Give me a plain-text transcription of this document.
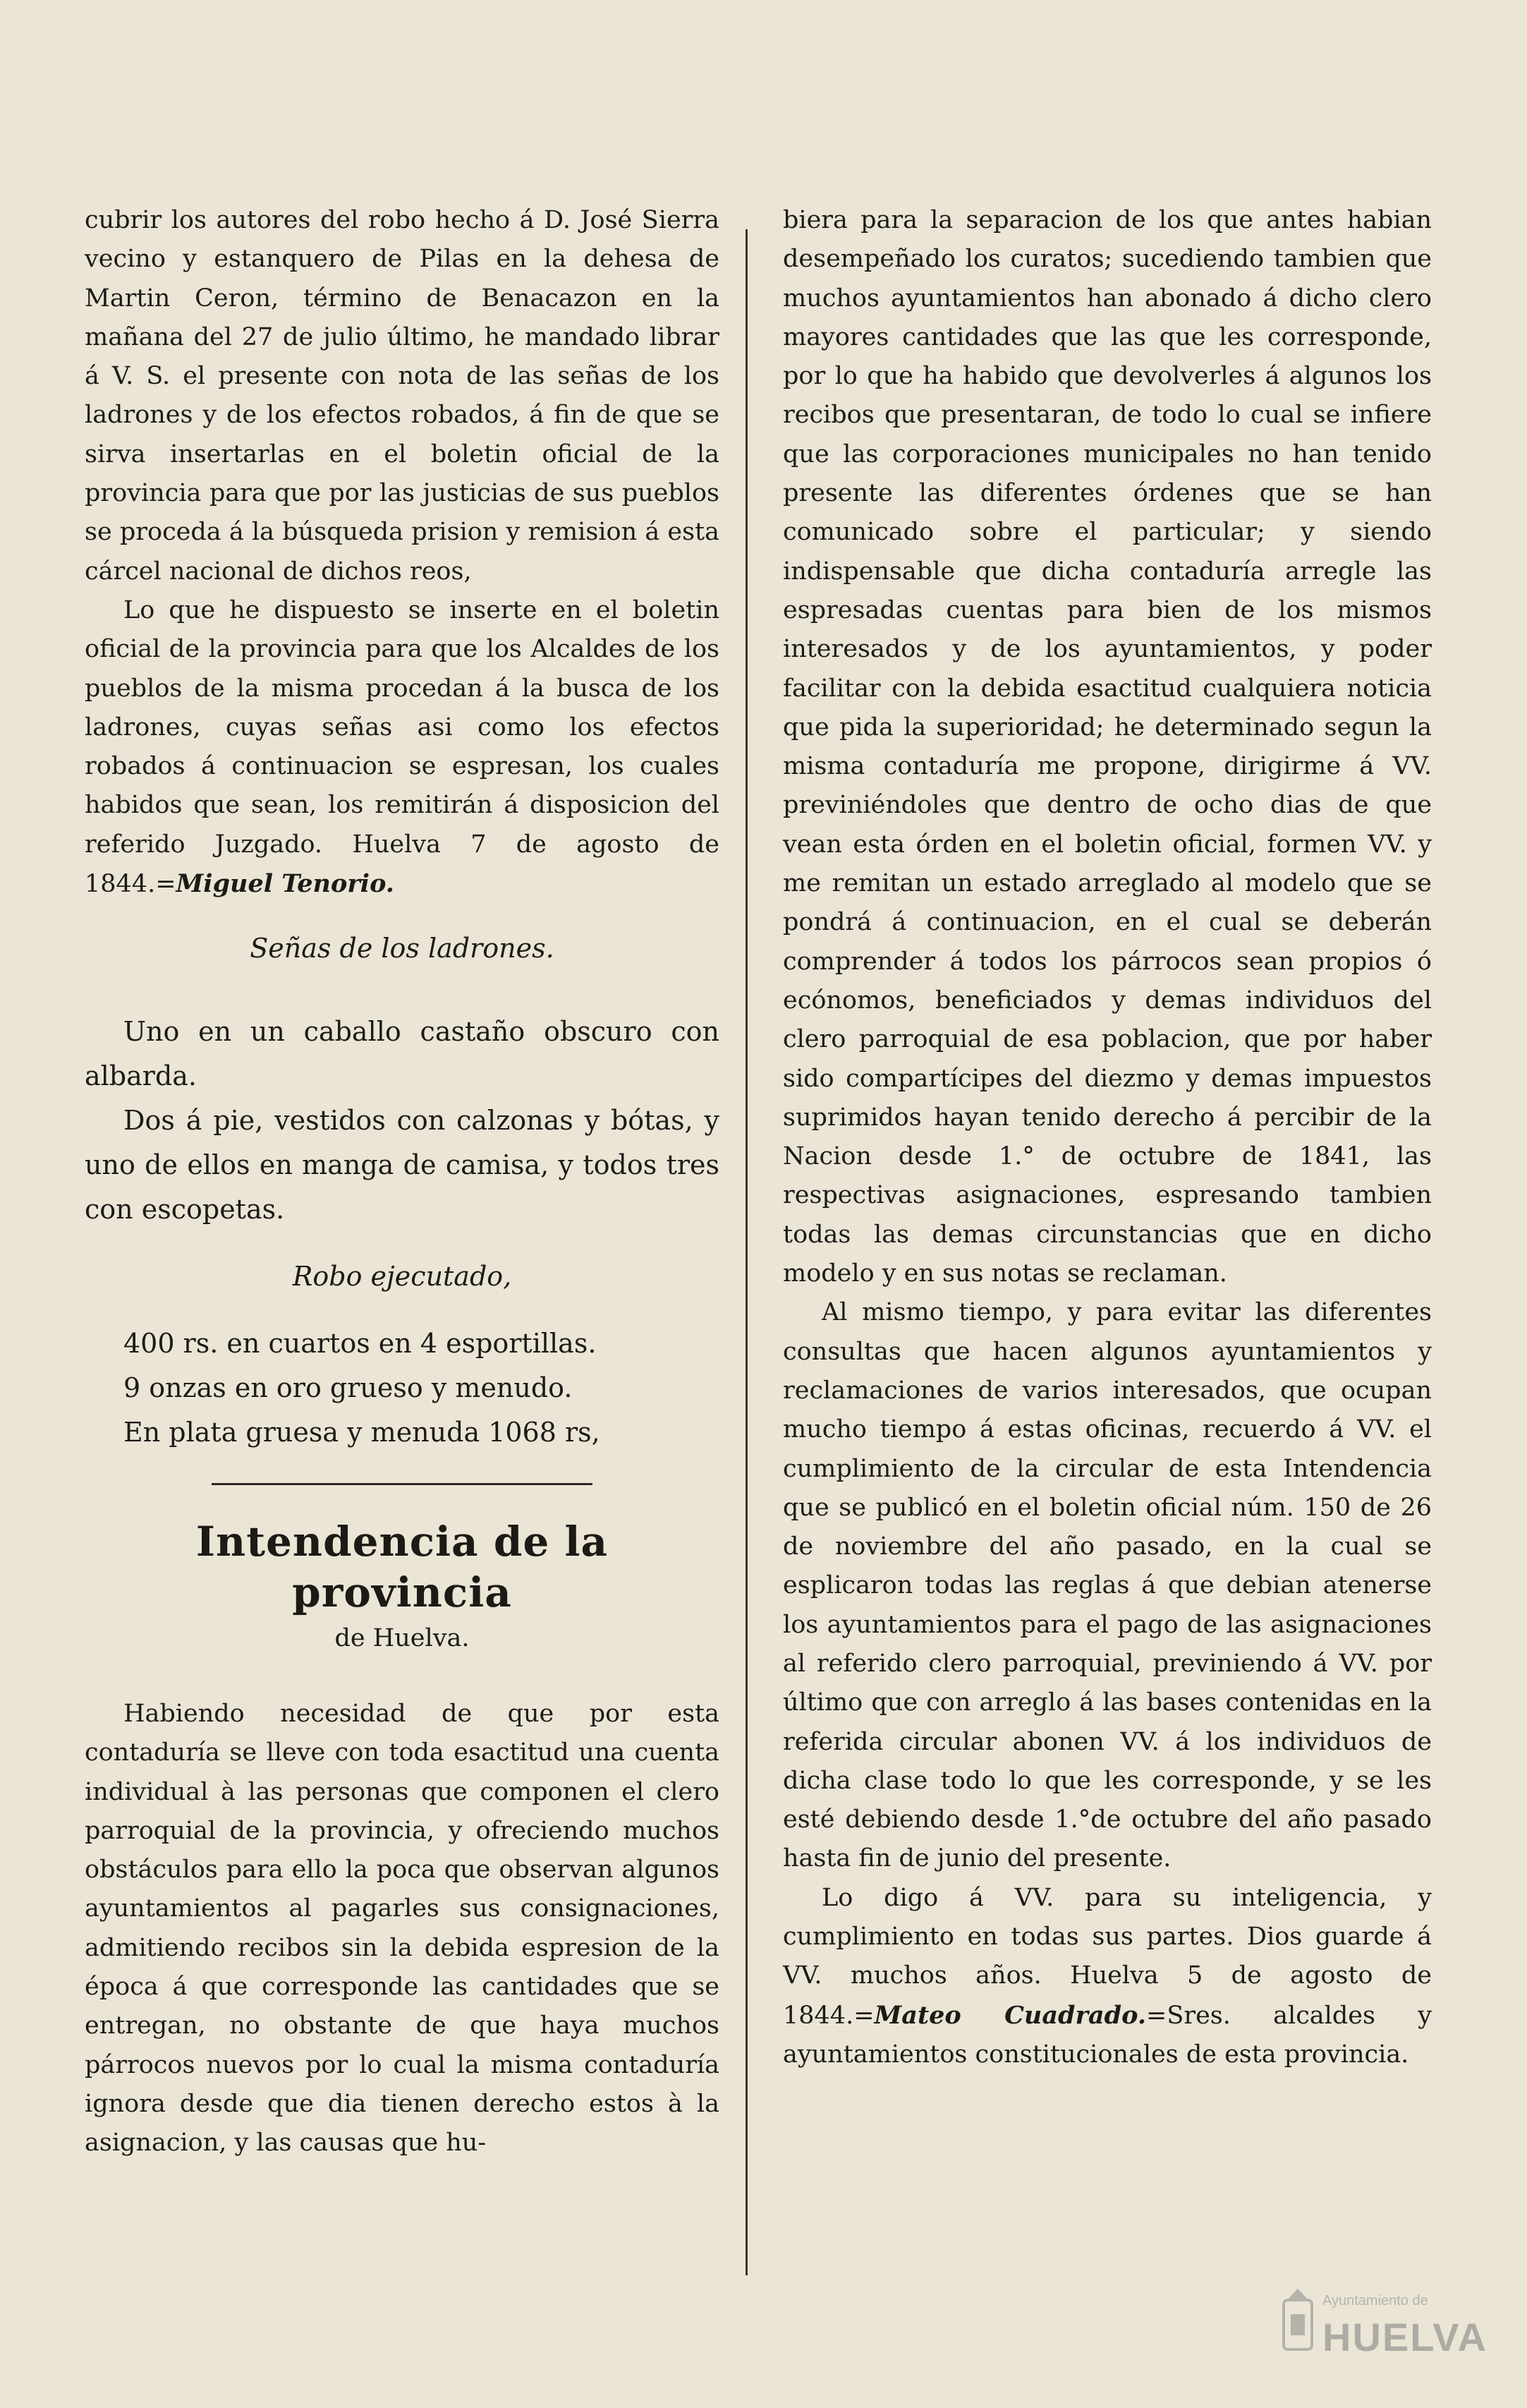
cubrir los autores del robo hecho á D. José Sierra vecino y estanquero de Pilas en la dehesa de Martin Ceron, término de Benacazon en la mañana del 27 de julio último, he mandado librar á V. S. el presente con nota de las señas de los ladrones y de los efectos robados, á fin de que se sirva insertarlas en el boletin oficial de la provincia para que por las justicias de sus pueblos se proceda á la búsqueda prision y remision á esta cárcel nacional de dichos reos,

Lo que he dispuesto se inserte en el boletin oficial de la provincia para que los Alcaldes de los pueblos de la misma procedan á la busca de los ladrones, cuyas señas asi como los efectos robados á continuacion se espresan, los cuales habidos que sean, los remitirán á disposicion del referido Juzgado. Huelva 7 de agosto de 1844.=Miguel Tenorio.

Señas de los ladrones.

Uno en un caballo castaño obscuro con albarda.

Dos á pie, vestidos con calzonas y bótas, y uno de ellos en manga de camisa, y todos tres con escopetas.

Robo ejecutado,

400 rs. en cuartos en 4 esportillas.

9 onzas en oro grueso y menudo.

En plata gruesa y menuda 1068 rs,

Intendencia de la provincia

de Huelva.

Habiendo necesidad de que por esta contaduría se lleve con toda esactitud una cuenta individual à las personas que componen el clero parroquial de la provincia, y ofreciendo muchos obstáculos para ello la poca que observan algunos ayuntamientos al pagarles sus consignaciones, admitiendo recibos sin la debida espresion de la época á que corresponde las cantidades que se entregan, no obstante de que haya muchos párrocos nuevos por lo cual la misma contaduría ignora desde que dia tienen derecho estos à la asignacion, y las causas que hu-

biera para la separacion de los que antes habian desempeñado los curatos; sucediendo tambien que muchos ayuntamientos han abonado á dicho clero mayores cantidades que las que les corresponde, por lo que ha habido que devolverles á algunos los recibos que presentaran, de todo lo cual se infiere que las corporaciones municipales no han tenido presente las diferentes órdenes que se han comunicado sobre el particular; y siendo indispensable que dicha contaduría arregle las espresadas cuentas para bien de los mismos interesados y de los ayuntamientos, y poder facilitar con la debida esactitud cualquiera noticia que pida la superioridad; he determinado segun la misma contaduría me propone, dirigirme á VV. previniéndoles que dentro de ocho dias de que vean esta órden en el boletin oficial, formen VV. y me remitan un estado arreglado al modelo que se pondrá á continuacion, en el cual se deberán comprender á todos los párrocos sean propios ó ecónomos, beneficiados y demas individuos del clero parroquial de esa poblacion, que por haber sido compartícipes del diezmo y demas impuestos suprimidos hayan tenido derecho á percibir de la Nacion desde 1.° de octubre de 1841, las respectivas asignaciones, espresando tambien todas las demas circunstancias que en dicho modelo y en sus notas se reclaman.

Al mismo tiempo, y para evitar las diferentes consultas que hacen algunos ayuntamientos y reclamaciones de varios interesados, que ocupan mucho tiempo á estas oficinas, recuerdo á VV. el cumplimiento de la circular de esta Intendencia que se publicó en el boletin oficial núm. 150 de 26 de noviembre del año pasado, en la cual se esplicaron todas las reglas á que debian atenerse los ayuntamientos para el pago de las asignaciones al referido clero parroquial, previniendo á VV. por último que con arreglo á las bases contenidas en la referida circular abonen VV. á los individuos de dicha clase todo lo que les corresponde, y se les esté debiendo desde 1.°de octubre del año pasado hasta fin de junio del presente.

Lo digo á VV. para su inteligencia, y cumplimiento en todas sus partes. Dios guarde á VV. muchos años. Huelva 5 de agosto de 1844.=Mateo Cuadrado.=Sres. alcaldes y ayuntamientos constitucionales de esta provincia.

Ayuntamiento de
HUELVA
